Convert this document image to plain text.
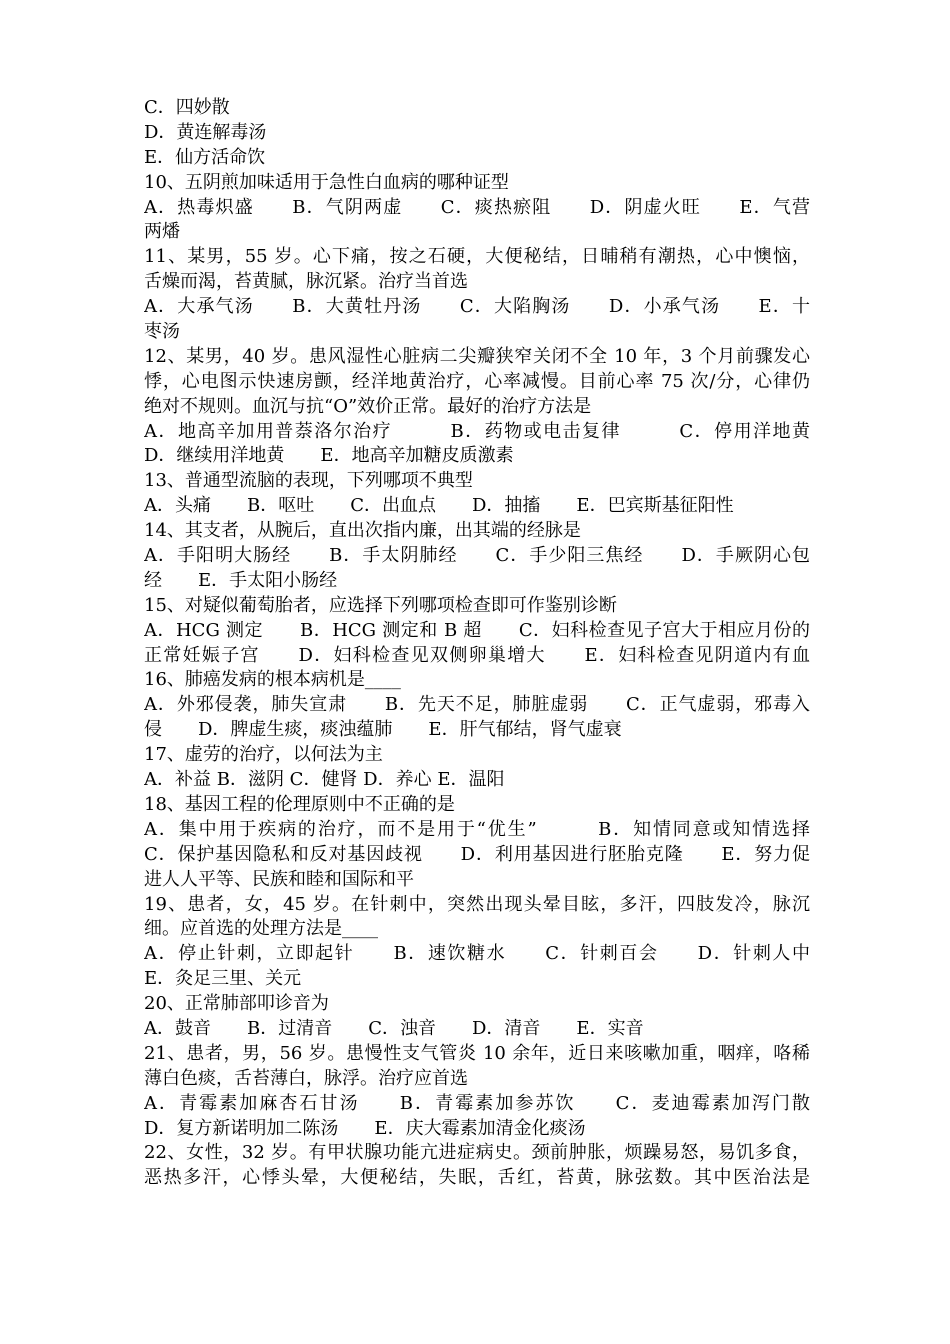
C．四妙散
D．黄连解毒汤
E．仙方活命饮
10、五阴煎加味适用于急性白血病的哪种证型
A．热毒炽盛　　B．气阴两虚　　C．痰热瘀阻　　D．阴虚火旺　　E．气营
两燔
11、某男，55 岁。心下痛，按之石硬，大便秘结，日晡稍有潮热，心中懊恼，
舌燥而渴，苔黄腻，脉沉紧。治疗当首选
A．大承气汤　　B．大黄牡丹汤　　C．大陷胸汤　　D．小承气汤　　E．十
枣汤
12、某男，40 岁。患风湿性心脏病二尖瓣狭窄关闭不全 10 年，3 个月前骤发心
悸，心电图示快速房颤，经洋地黄治疗，心率减慢。目前心率 75 次/分，心律仍
绝对不规则。血沉与抗“O”效价正常。最好的治疗方法是
A．地高辛加用普萘洛尔治疗　　　B．药物或电击复律　　　C．停用洋地黄
D．继续用洋地黄　　E．地高辛加糖皮质激素
13、普通型流脑的表现，下列哪项不典型
A．头痛　　B．呕吐　　C．出血点　　D．抽搐　　E．巴宾斯基征阳性
14、其支者，从腕后，直出次指内廉，出其端的经脉是
A．手阳明大肠经　　B．手太阴肺经　　C．手少阳三焦经　　D．手厥阴心包
经　　E．手太阳小肠经
15、对疑似葡萄胎者，应选择下列哪项检查即可作鉴别诊断
A．HCG 测定　　B．HCG 测定和 B 超　　C．妇科检查见子宫大于相应月份的
正常妊娠子宫　　D．妇科检查见双侧卵巢增大　　E．妇科检查见阴道内有血
16、肺癌发病的根本病机是____
A．外邪侵袭，肺失宣肃　　B．先天不足，肺脏虚弱　　C．正气虚弱，邪毒入
侵　　D．脾虚生痰，痰浊蕴肺　　E．肝气郁结，肾气虚衰
17、虚劳的治疗，以何法为主
A．补益 B．滋阴 C．健肾 D．养心 E．温阳
18、基因工程的伦理原则中不正确的是
A．集中用于疾病的治疗，而不是用于“优生”　　　B．知情同意或知情选择
C．保护基因隐私和反对基因歧视　　D．利用基因进行胚胎克隆　　E．努力促
进人人平等、民族和睦和国际和平
19、患者，女，45 岁。在针刺中，突然出现头晕目眩，多汗，四肢发冷，脉沉
细。应首选的处理方法是____
A．停止针刺，立即起针　　B．速饮糖水　　C．针刺百会　　D．针刺人中
E．灸足三里、关元
20、正常肺部叩诊音为
A．鼓音　　B．过清音　　C．浊音　　D．清音　　E．实音
21、患者，男，56 岁。患慢性支气管炎 10 余年，近日来咳嗽加重，咽痒，咯稀
薄白色痰，舌苔薄白，脉浮。治疗应首选
A．青霉素加麻杏石甘汤　　B．青霉素加参苏饮　　C．麦迪霉素加泻门散
D．复方新诺明加二陈汤　　E．庆大霉素加清金化痰汤
22、女性，32 岁。有甲状腺功能亢进症病史。颈前肿胀，烦躁易怒，易饥多食，
恶热多汗，心悸头晕，大便秘结，失眠，舌红，苔黄，脉弦数。其中医治法是
